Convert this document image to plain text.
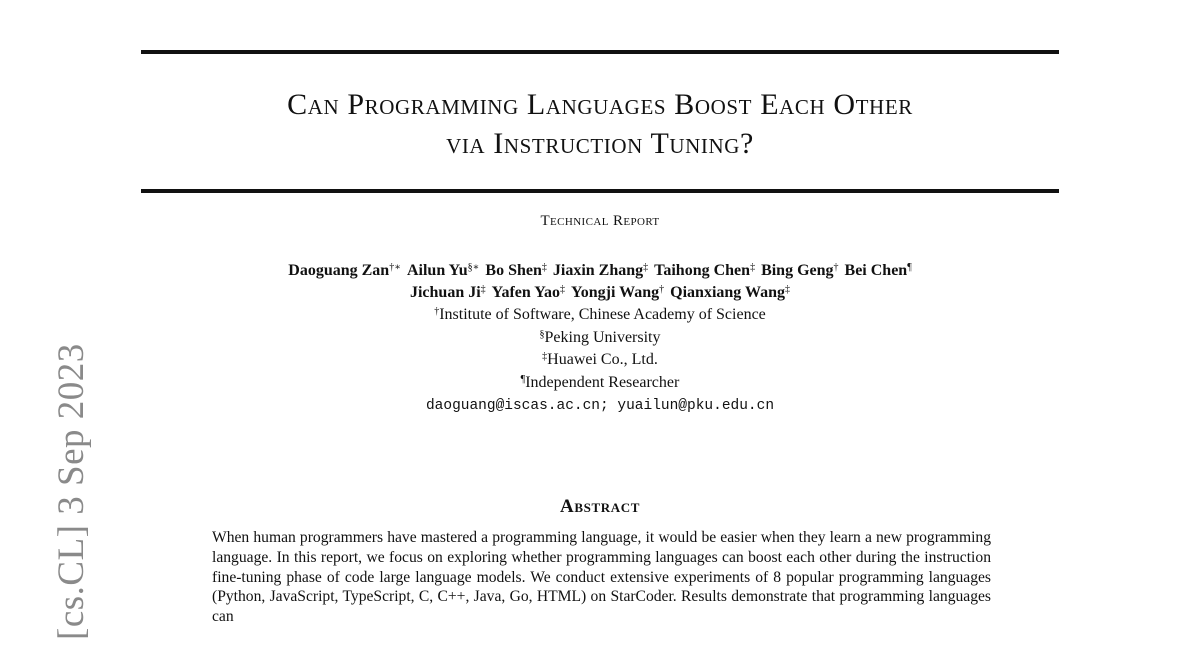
[cs.CL] 3 Sep 2023
Can Programming Languages Boost Each Other
via Instruction Tuning?
Technical Report
Daoguang Zan†∗ Ailun Yu§∗ Bo Shen‡ Jiaxin Zhang‡ Taihong Chen‡ Bing Geng† Bei Chen¶
Jichuan Ji‡ Yafen Yao‡ Yongji Wang† Qianxiang Wang‡
†Institute of Software, Chinese Academy of Science
§Peking University
‡Huawei Co., Ltd.
¶Independent Researcher
daoguang@iscas.ac.cn; yuailun@pku.edu.cn
Abstract

When human programmers have mastered a programming language, it would be easier when they learn a new programming language. In this report, we focus on exploring whether programming languages can boost each other during the instruction fine-tuning phase of code large language models. We conduct extensive experiments of 8 popular programming languages (Python, JavaScript, TypeScript, C, C++, Java, Go, HTML) on StarCoder. Results demonstrate that programming languages can
